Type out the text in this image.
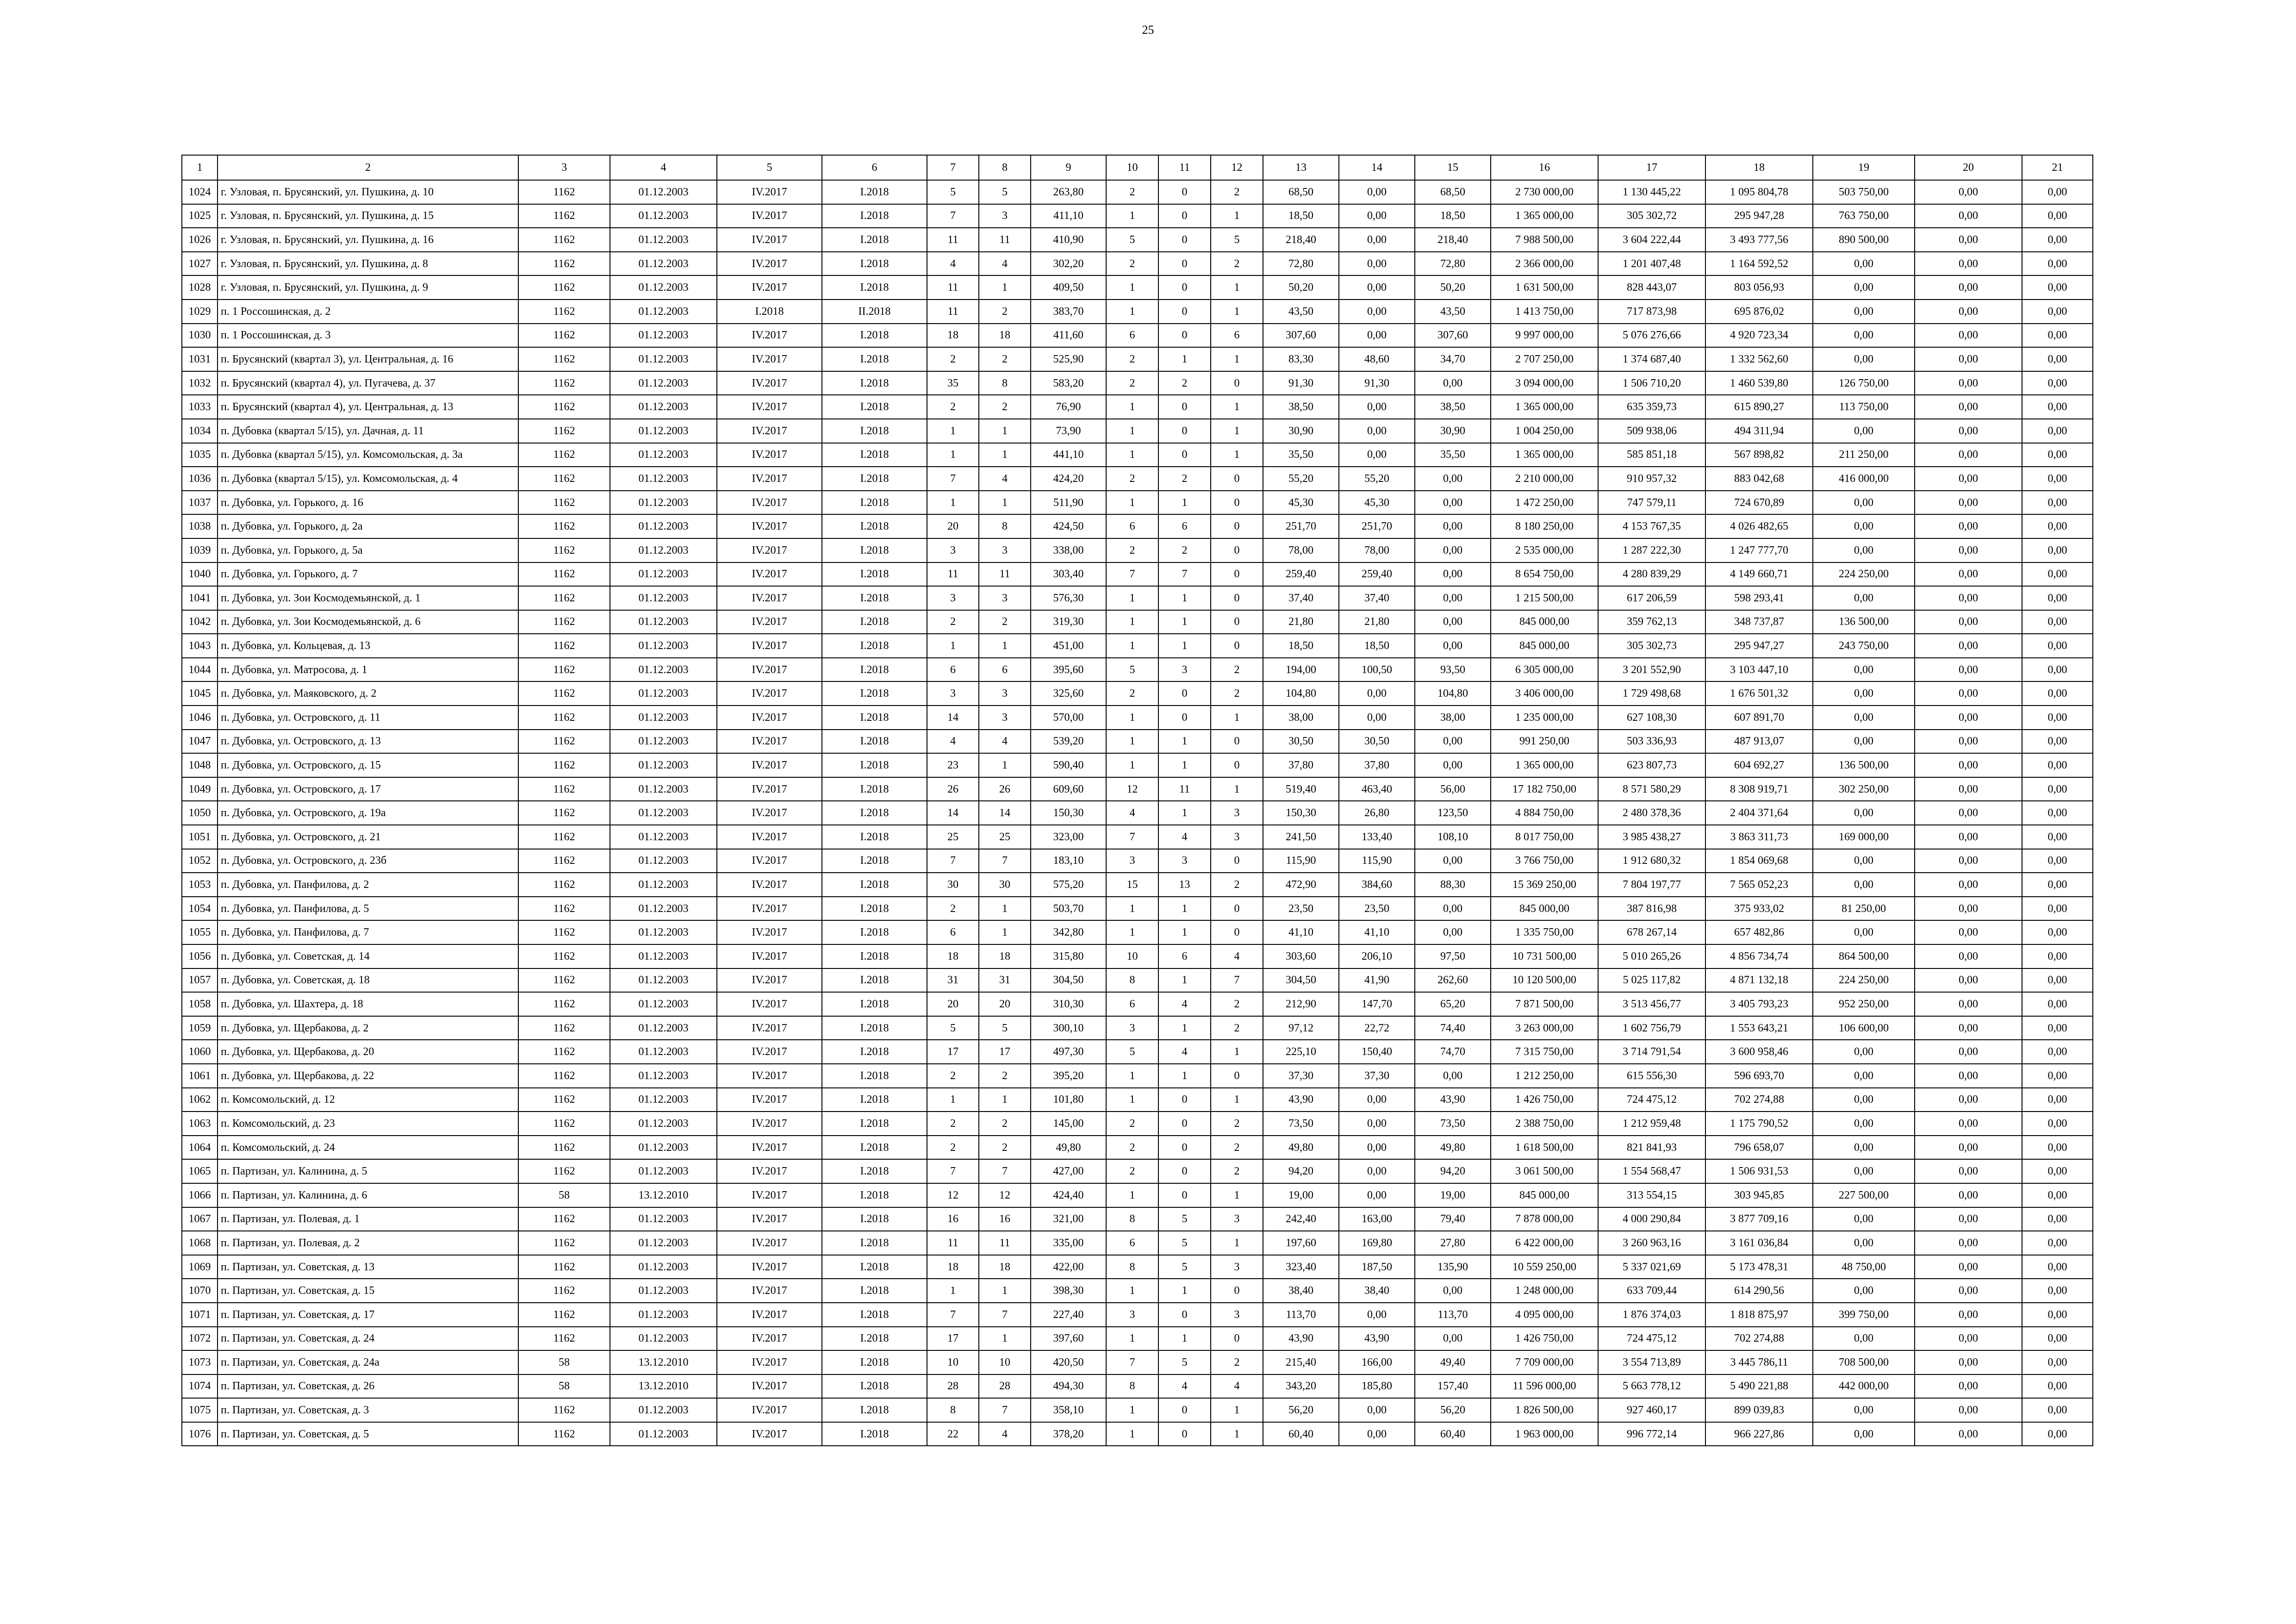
25
1	2	3	4	5	6	7	8	9	10	11	12	13	14	15	16	17	18	19	20	21
1024	г. Узловая, п. Брусянский, ул. Пушкина, д. 10	1162	01.12.2003	IV.2017	I.2018	5	5	263,80	2	0	2	68,50	0,00	68,50	2 730 000,00	1 130 445,22	1 095 804,78	503 750,00	0,00	0,00
1025	г. Узловая, п. Брусянский, ул. Пушкина, д. 15	1162	01.12.2003	IV.2017	I.2018	7	3	411,10	1	0	1	18,50	0,00	18,50	1 365 000,00	305 302,72	295 947,28	763 750,00	0,00	0,00
1026	г. Узловая, п. Брусянский, ул. Пушкина, д. 16	1162	01.12.2003	IV.2017	I.2018	11	11	410,90	5	0	5	218,40	0,00	218,40	7 988 500,00	3 604 222,44	3 493 777,56	890 500,00	0,00	0,00
1027	г. Узловая, п. Брусянский, ул. Пушкина, д. 8	1162	01.12.2003	IV.2017	I.2018	4	4	302,20	2	0	2	72,80	0,00	72,80	2 366 000,00	1 201 407,48	1 164 592,52	0,00	0,00	0,00
1028	г. Узловая, п. Брусянский, ул. Пушкина, д. 9	1162	01.12.2003	IV.2017	I.2018	11	1	409,50	1	0	1	50,20	0,00	50,20	1 631 500,00	828 443,07	803 056,93	0,00	0,00	0,00
1029	п. 1 Россошинская, д. 2	1162	01.12.2003	I.2018	II.2018	11	2	383,70	1	0	1	43,50	0,00	43,50	1 413 750,00	717 873,98	695 876,02	0,00	0,00	0,00
1030	п. 1 Россошинская, д. 3	1162	01.12.2003	IV.2017	I.2018	18	18	411,60	6	0	6	307,60	0,00	307,60	9 997 000,00	5 076 276,66	4 920 723,34	0,00	0,00	0,00
1031	п. Брусянский (квартал 3), ул. Центральная, д. 16	1162	01.12.2003	IV.2017	I.2018	2	2	525,90	2	1	1	83,30	48,60	34,70	2 707 250,00	1 374 687,40	1 332 562,60	0,00	0,00	0,00
1032	п. Брусянский (квартал 4), ул. Пугачева, д. 37	1162	01.12.2003	IV.2017	I.2018	35	8	583,20	2	2	0	91,30	91,30	0,00	3 094 000,00	1 506 710,20	1 460 539,80	126 750,00	0,00	0,00
1033	п. Брусянский (квартал 4), ул. Центральная, д. 13	1162	01.12.2003	IV.2017	I.2018	2	2	76,90	1	0	1	38,50	0,00	38,50	1 365 000,00	635 359,73	615 890,27	113 750,00	0,00	0,00
1034	п. Дубовка (квартал 5/15), ул. Дачная, д. 11	1162	01.12.2003	IV.2017	I.2018	1	1	73,90	1	0	1	30,90	0,00	30,90	1 004 250,00	509 938,06	494 311,94	0,00	0,00	0,00
1035	п. Дубовка (квартал 5/15), ул. Комсомольская, д. 3а	1162	01.12.2003	IV.2017	I.2018	1	1	441,10	1	0	1	35,50	0,00	35,50	1 365 000,00	585 851,18	567 898,82	211 250,00	0,00	0,00
1036	п. Дубовка (квартал 5/15), ул. Комсомольская, д. 4	1162	01.12.2003	IV.2017	I.2018	7	4	424,20	2	2	0	55,20	55,20	0,00	2 210 000,00	910 957,32	883 042,68	416 000,00	0,00	0,00
1037	п. Дубовка, ул. Горького, д. 16	1162	01.12.2003	IV.2017	I.2018	1	1	511,90	1	1	0	45,30	45,30	0,00	1 472 250,00	747 579,11	724 670,89	0,00	0,00	0,00
1038	п. Дубовка, ул. Горького, д. 2а	1162	01.12.2003	IV.2017	I.2018	20	8	424,50	6	6	0	251,70	251,70	0,00	8 180 250,00	4 153 767,35	4 026 482,65	0,00	0,00	0,00
1039	п. Дубовка, ул. Горького, д. 5а	1162	01.12.2003	IV.2017	I.2018	3	3	338,00	2	2	0	78,00	78,00	0,00	2 535 000,00	1 287 222,30	1 247 777,70	0,00	0,00	0,00
1040	п. Дубовка, ул. Горького, д. 7	1162	01.12.2003	IV.2017	I.2018	11	11	303,40	7	7	0	259,40	259,40	0,00	8 654 750,00	4 280 839,29	4 149 660,71	224 250,00	0,00	0,00
1041	п. Дубовка, ул. Зои Космодемьянской, д. 1	1162	01.12.2003	IV.2017	I.2018	3	3	576,30	1	1	0	37,40	37,40	0,00	1 215 500,00	617 206,59	598 293,41	0,00	0,00	0,00
1042	п. Дубовка, ул. Зои Космодемьянской, д. 6	1162	01.12.2003	IV.2017	I.2018	2	2	319,30	1	1	0	21,80	21,80	0,00	845 000,00	359 762,13	348 737,87	136 500,00	0,00	0,00
1043	п. Дубовка, ул. Кольцевая, д. 13	1162	01.12.2003	IV.2017	I.2018	1	1	451,00	1	1	0	18,50	18,50	0,00	845 000,00	305 302,73	295 947,27	243 750,00	0,00	0,00
1044	п. Дубовка, ул. Матросова, д. 1	1162	01.12.2003	IV.2017	I.2018	6	6	395,60	5	3	2	194,00	100,50	93,50	6 305 000,00	3 201 552,90	3 103 447,10	0,00	0,00	0,00
1045	п. Дубовка, ул. Маяковского, д. 2	1162	01.12.2003	IV.2017	I.2018	3	3	325,60	2	0	2	104,80	0,00	104,80	3 406 000,00	1 729 498,68	1 676 501,32	0,00	0,00	0,00
1046	п. Дубовка, ул. Островского, д. 11	1162	01.12.2003	IV.2017	I.2018	14	3	570,00	1	0	1	38,00	0,00	38,00	1 235 000,00	627 108,30	607 891,70	0,00	0,00	0,00
1047	п. Дубовка, ул. Островского, д. 13	1162	01.12.2003	IV.2017	I.2018	4	4	539,20	1	1	0	30,50	30,50	0,00	991 250,00	503 336,93	487 913,07	0,00	0,00	0,00
1048	п. Дубовка, ул. Островского, д. 15	1162	01.12.2003	IV.2017	I.2018	23	1	590,40	1	1	0	37,80	37,80	0,00	1 365 000,00	623 807,73	604 692,27	136 500,00	0,00	0,00
1049	п. Дубовка, ул. Островского, д. 17	1162	01.12.2003	IV.2017	I.2018	26	26	609,60	12	11	1	519,40	463,40	56,00	17 182 750,00	8 571 580,29	8 308 919,71	302 250,00	0,00	0,00
1050	п. Дубовка, ул. Островского, д. 19а	1162	01.12.2003	IV.2017	I.2018	14	14	150,30	4	1	3	150,30	26,80	123,50	4 884 750,00	2 480 378,36	2 404 371,64	0,00	0,00	0,00
1051	п. Дубовка, ул. Островского, д. 21	1162	01.12.2003	IV.2017	I.2018	25	25	323,00	7	4	3	241,50	133,40	108,10	8 017 750,00	3 985 438,27	3 863 311,73	169 000,00	0,00	0,00
1052	п. Дубовка, ул. Островского, д. 23б	1162	01.12.2003	IV.2017	I.2018	7	7	183,10	3	3	0	115,90	115,90	0,00	3 766 750,00	1 912 680,32	1 854 069,68	0,00	0,00	0,00
1053	п. Дубовка, ул. Панфилова, д. 2	1162	01.12.2003	IV.2017	I.2018	30	30	575,20	15	13	2	472,90	384,60	88,30	15 369 250,00	7 804 197,77	7 565 052,23	0,00	0,00	0,00
1054	п. Дубовка, ул. Панфилова, д. 5	1162	01.12.2003	IV.2017	I.2018	2	1	503,70	1	1	0	23,50	23,50	0,00	845 000,00	387 816,98	375 933,02	81 250,00	0,00	0,00
1055	п. Дубовка, ул. Панфилова, д. 7	1162	01.12.2003	IV.2017	I.2018	6	1	342,80	1	1	0	41,10	41,10	0,00	1 335 750,00	678 267,14	657 482,86	0,00	0,00	0,00
1056	п. Дубовка, ул. Советская, д. 14	1162	01.12.2003	IV.2017	I.2018	18	18	315,80	10	6	4	303,60	206,10	97,50	10 731 500,00	5 010 265,26	4 856 734,74	864 500,00	0,00	0,00
1057	п. Дубовка, ул. Советская, д. 18	1162	01.12.2003	IV.2017	I.2018	31	31	304,50	8	1	7	304,50	41,90	262,60	10 120 500,00	5 025 117,82	4 871 132,18	224 250,00	0,00	0,00
1058	п. Дубовка, ул. Шахтера, д. 18	1162	01.12.2003	IV.2017	I.2018	20	20	310,30	6	4	2	212,90	147,70	65,20	7 871 500,00	3 513 456,77	3 405 793,23	952 250,00	0,00	0,00
1059	п. Дубовка, ул. Щербакова, д. 2	1162	01.12.2003	IV.2017	I.2018	5	5	300,10	3	1	2	97,12	22,72	74,40	3 263 000,00	1 602 756,79	1 553 643,21	106 600,00	0,00	0,00
1060	п. Дубовка, ул. Щербакова, д. 20	1162	01.12.2003	IV.2017	I.2018	17	17	497,30	5	4	1	225,10	150,40	74,70	7 315 750,00	3 714 791,54	3 600 958,46	0,00	0,00	0,00
1061	п. Дубовка, ул. Щербакова, д. 22	1162	01.12.2003	IV.2017	I.2018	2	2	395,20	1	1	0	37,30	37,30	0,00	1 212 250,00	615 556,30	596 693,70	0,00	0,00	0,00
1062	п. Комсомольский, д. 12	1162	01.12.2003	IV.2017	I.2018	1	1	101,80	1	0	1	43,90	0,00	43,90	1 426 750,00	724 475,12	702 274,88	0,00	0,00	0,00
1063	п. Комсомольский, д. 23	1162	01.12.2003	IV.2017	I.2018	2	2	145,00	2	0	2	73,50	0,00	73,50	2 388 750,00	1 212 959,48	1 175 790,52	0,00	0,00	0,00
1064	п. Комсомольский, д. 24	1162	01.12.2003	IV.2017	I.2018	2	2	49,80	2	0	2	49,80	0,00	49,80	1 618 500,00	821 841,93	796 658,07	0,00	0,00	0,00
1065	п. Партизан, ул. Калинина, д. 5	1162	01.12.2003	IV.2017	I.2018	7	7	427,00	2	0	2	94,20	0,00	94,20	3 061 500,00	1 554 568,47	1 506 931,53	0,00	0,00	0,00
1066	п. Партизан, ул. Калинина, д. 6	58	13.12.2010	IV.2017	I.2018	12	12	424,40	1	0	1	19,00	0,00	19,00	845 000,00	313 554,15	303 945,85	227 500,00	0,00	0,00
1067	п. Партизан, ул. Полевая, д. 1	1162	01.12.2003	IV.2017	I.2018	16	16	321,00	8	5	3	242,40	163,00	79,40	7 878 000,00	4 000 290,84	3 877 709,16	0,00	0,00	0,00
1068	п. Партизан, ул. Полевая, д. 2	1162	01.12.2003	IV.2017	I.2018	11	11	335,00	6	5	1	197,60	169,80	27,80	6 422 000,00	3 260 963,16	3 161 036,84	0,00	0,00	0,00
1069	п. Партизан, ул. Советская, д. 13	1162	01.12.2003	IV.2017	I.2018	18	18	422,00	8	5	3	323,40	187,50	135,90	10 559 250,00	5 337 021,69	5 173 478,31	48 750,00	0,00	0,00
1070	п. Партизан, ул. Советская, д. 15	1162	01.12.2003	IV.2017	I.2018	1	1	398,30	1	1	0	38,40	38,40	0,00	1 248 000,00	633 709,44	614 290,56	0,00	0,00	0,00
1071	п. Партизан, ул. Советская, д. 17	1162	01.12.2003	IV.2017	I.2018	7	7	227,40	3	0	3	113,70	0,00	113,70	4 095 000,00	1 876 374,03	1 818 875,97	399 750,00	0,00	0,00
1072	п. Партизан, ул. Советская, д. 24	1162	01.12.2003	IV.2017	I.2018	17	1	397,60	1	1	0	43,90	43,90	0,00	1 426 750,00	724 475,12	702 274,88	0,00	0,00	0,00
1073	п. Партизан, ул. Советская, д. 24а	58	13.12.2010	IV.2017	I.2018	10	10	420,50	7	5	2	215,40	166,00	49,40	7 709 000,00	3 554 713,89	3 445 786,11	708 500,00	0,00	0,00
1074	п. Партизан, ул. Советская, д. 26	58	13.12.2010	IV.2017	I.2018	28	28	494,30	8	4	4	343,20	185,80	157,40	11 596 000,00	5 663 778,12	5 490 221,88	442 000,00	0,00	0,00
1075	п. Партизан, ул. Советская, д. 3	1162	01.12.2003	IV.2017	I.2018	8	7	358,10	1	0	1	56,20	0,00	56,20	1 826 500,00	927 460,17	899 039,83	0,00	0,00	0,00
1076	п. Партизан, ул. Советская, д. 5	1162	01.12.2003	IV.2017	I.2018	22	4	378,20	1	0	1	60,40	0,00	60,40	1 963 000,00	996 772,14	966 227,86	0,00	0,00	0,00
